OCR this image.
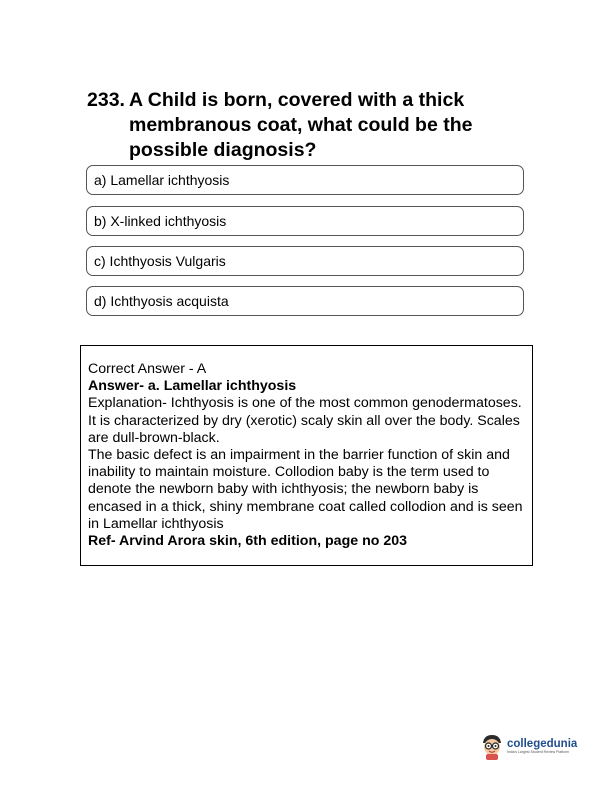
233. A Child is born, covered with a thick membranous coat, what could be the possible diagnosis?
a) Lamellar ichthyosis
b) X-linked ichthyosis
c) Ichthyosis Vulgaris
d) Ichthyosis acquista

Correct Answer - A

Answer- a. Lamellar ichthyosis

Explanation- Ichthyosis is one of the most common genodermatoses. It is characterized by dry (xerotic) scaly skin all over the body. Scales are dull-brown-black.

The basic defect is an impairment in the barrier function of skin and inability to maintain moisture. Collodion baby is the term used to denote the newborn baby with ichthyosis; the newborn baby is encased in a thick, shiny membrane coat called collodion and is seen in Lamellar ichthyosis

Ref- Arvind Arora skin, 6th edition, page no 203

collegedunia
India's Largest Student Review Platform
